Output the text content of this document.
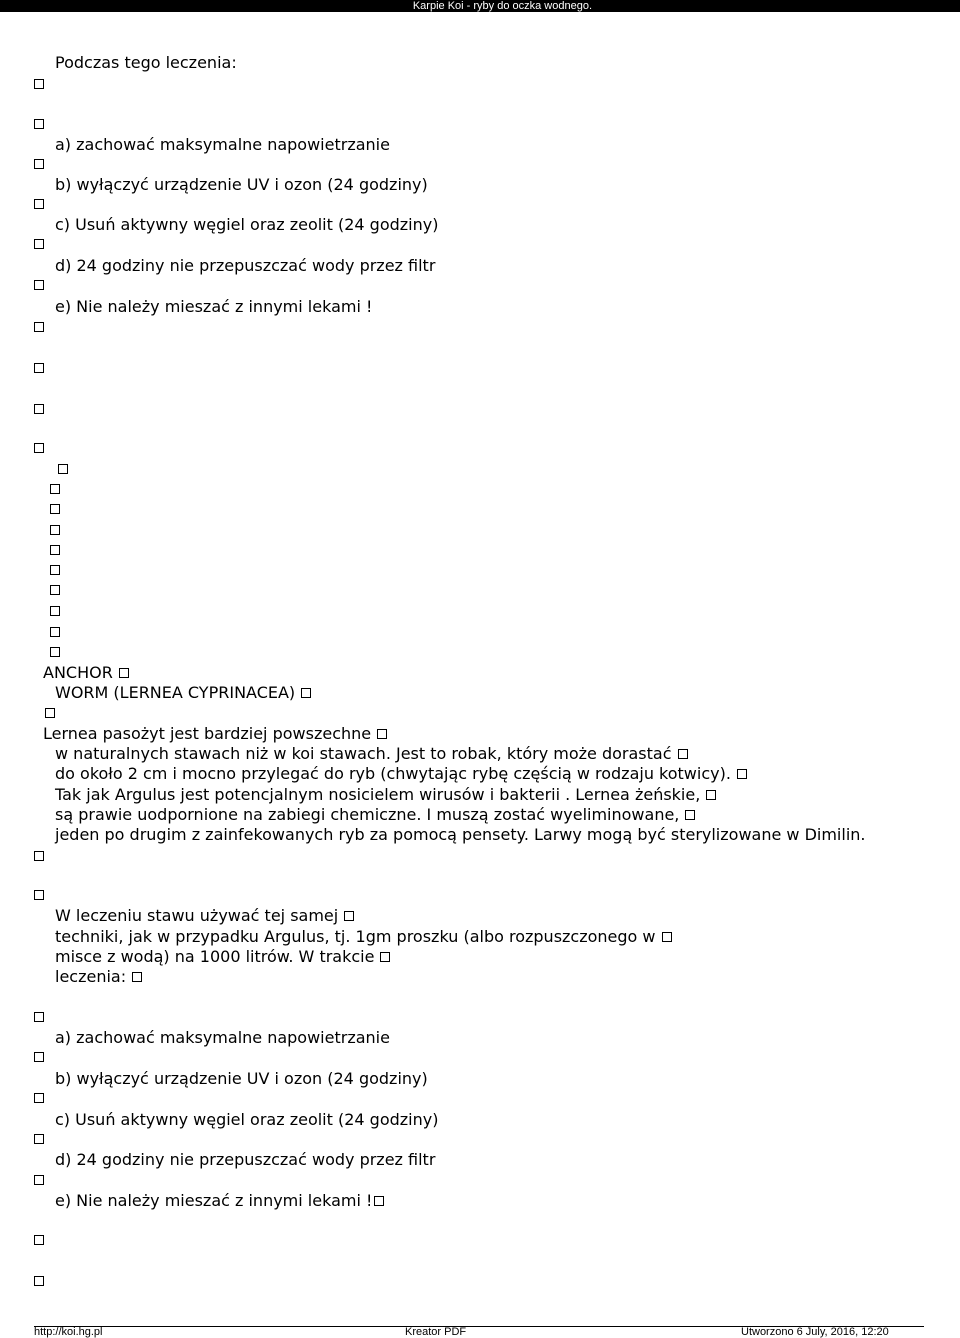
Karpie Koi - ryby do oczka wodnego.
Podczas tego leczenia:
a) zachować maksymalne napowietrzanie
b) wyłączyć urządzenie UV i ozon (24 godziny)
c) Usuń aktywny węgiel oraz zeolit (24 godziny)
d) 24 godziny nie przepuszczać wody przez filtr
e) Nie należy mieszać z innymi lekami !
ANCHOR
WORM (LERNEA CYPRINACEA)
Lernea pasożyt jest bardziej powszechne
w naturalnych stawach niż w koi stawach. Jest to robak, który może dorastać
do około 2 cm i mocno przylegać do ryb (chwytając rybę częścią w rodzaju kotwicy).
Tak jak Argulus jest potencjalnym nosicielem wirusów i bakterii . Lernea żeńskie,
są prawie uodpornione na zabiegi chemiczne. I muszą zostać wyeliminowane,
jeden po drugim z zainfekowanych ryb za pomocą pensety. Larwy mogą być sterylizowane w Dimilin.
W leczeniu stawu używać tej samej
techniki, jak w przypadku Argulus, tj. 1gm proszku (albo rozpuszczonego w
misce z wodą) na 1000 litrów. W trakcie
leczenia:
a) zachować maksymalne napowietrzanie
b) wyłączyć urządzenie UV i ozon (24 godziny)
c) Usuń aktywny węgiel oraz zeolit (24 godziny)
d) 24 godziny nie przepuszczać wody przez filtr
e) Nie należy mieszać z innymi lekami !
http://koi.hg.pl	Kreator PDF	Utworzono 6 July, 2016, 12:20
